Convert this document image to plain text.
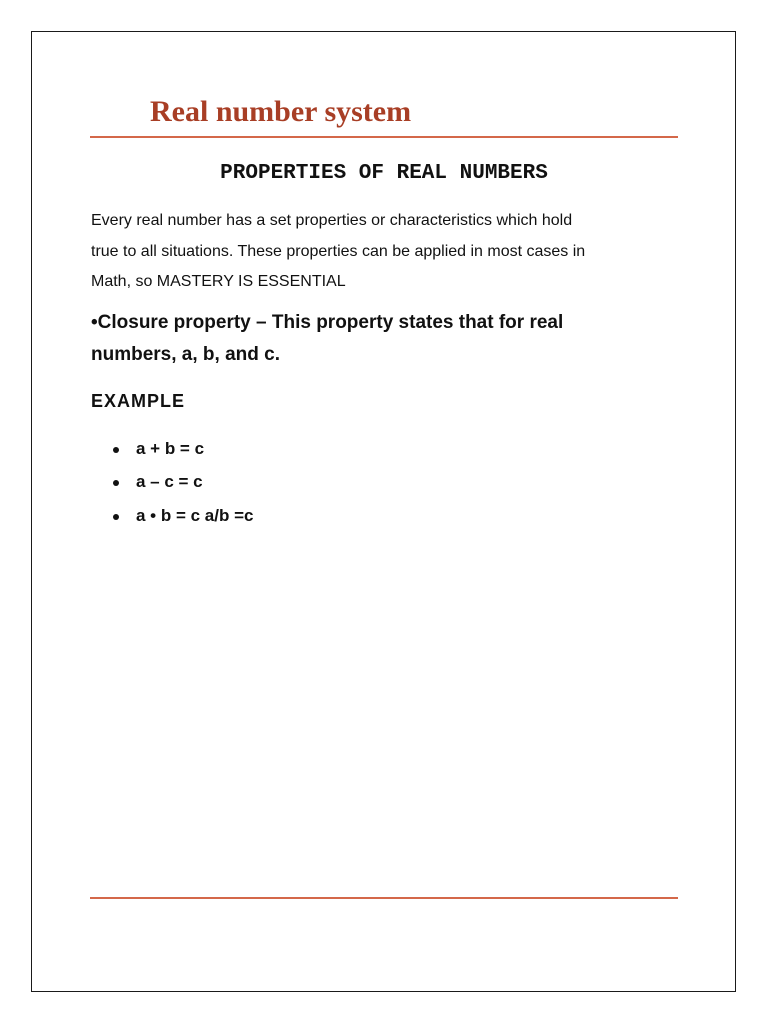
Real number system
PROPERTIES OF REAL NUMBERS
Every real number has a set properties or characteristics which hold
true to all situations. These properties can be applied in most cases in
Math, so MASTERY IS ESSENTIAL
•Closure property – This property states that for real
numbers, a, b, and c.
EXAMPLE
a + b = c
a – c = c
a • b = c a/b =c
